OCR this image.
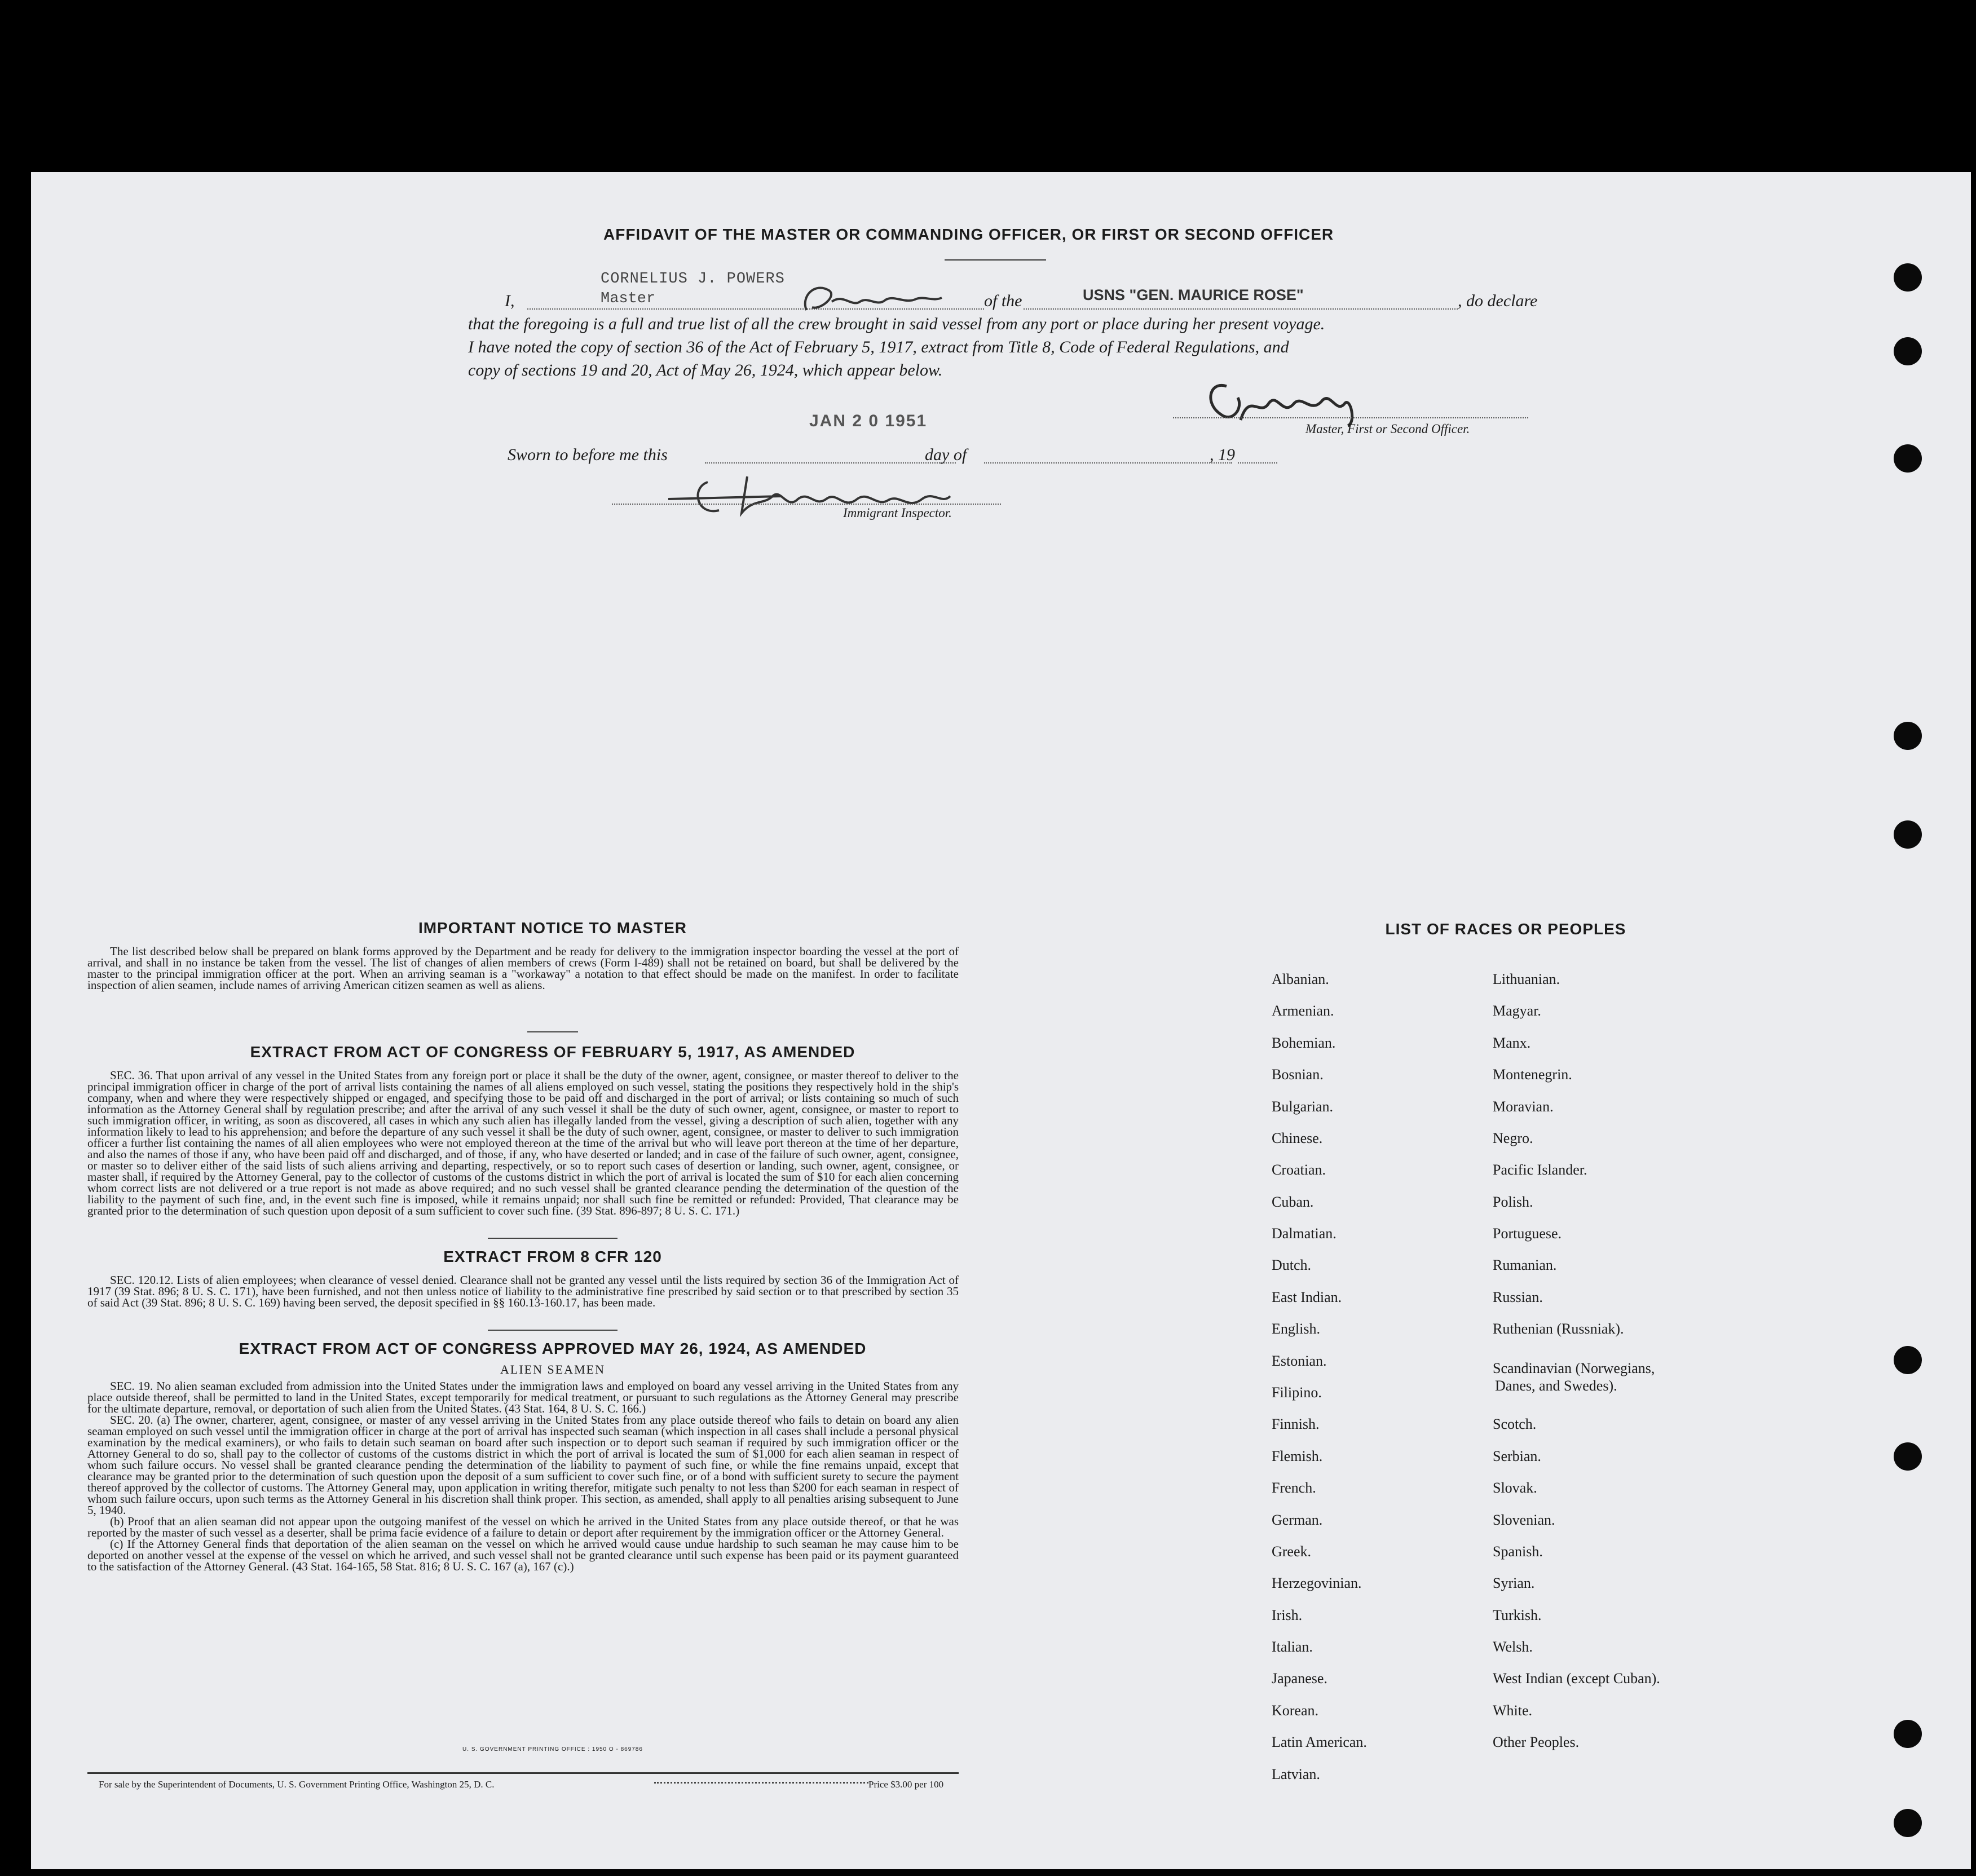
AFFIDAVIT OF THE MASTER OR COMMANDING OFFICER, OR FIRST OR SECOND OFFICER
CORNELIUS J. POWERS
Master
I,	of the	USNS "GEN. MAURICE ROSE"	, do declare
that the foregoing is a full and true list of all the crew brought in said vessel from any port or place during her present voyage.
I have noted the copy of section 36 of the Act of February 5, 1917, extract from Title 8, Code of Federal Regulations, and
copy of sections 19 and 20, Act of May 26, 1924, which appear below.
JAN 2 0 1951	Master, First or Second Officer.
Sworn to before me this	day of	, 19
Immigrant Inspector.
IMPORTANT NOTICE TO MASTER

The list described below shall be prepared on blank forms approved by the Department and be ready for delivery to the immigration inspector boarding the vessel at the port of arrival, and shall in no instance be taken from the vessel. The list of changes of alien members of crews (Form I-489) shall not be retained on board, but shall be delivered by the master to the principal immigration officer at the port. When an arriving seaman is a "workaway" a notation to that effect should be made on the manifest. In order to facilitate inspection of alien seamen, include names of arriving American citizen seamen as well as aliens.

EXTRACT FROM ACT OF CONGRESS OF FEBRUARY 5, 1917, AS AMENDED

SEC. 36. That upon arrival of any vessel in the United States from any foreign port or place it shall be the duty of the owner, agent, consignee, or master thereof to deliver to the principal immigration officer in charge of the port of arrival lists containing the names of all aliens employed on such vessel, stating the positions they respectively hold in the ship's company, when and where they were respectively shipped or engaged, and specifying those to be paid off and discharged in the port of arrival; or lists containing so much of such information as the Attorney General shall by regulation prescribe; and after the arrival of any such vessel it shall be the duty of such owner, agent, consignee, or master to report to such immigration officer, in writing, as soon as discovered, all cases in which any such alien has illegally landed from the vessel, giving a description of such alien, together with any information likely to lead to his apprehension; and before the departure of any such vessel it shall be the duty of such owner, agent, consignee, or master to deliver to such immigration officer a further list containing the names of all alien employees who were not employed thereon at the time of the arrival but who will leave port thereon at the time of her departure, and also the names of those if any, who have been paid off and discharged, and of those, if any, who have deserted or landed; and in case of the failure of such owner, agent, consignee, or master so to deliver either of the said lists of such aliens arriving and departing, respectively, or so to report such cases of desertion or landing, such owner, agent, consignee, or master shall, if required by the Attorney General, pay to the collector of customs of the customs district in which the port of arrival is located the sum of $10 for each alien concerning whom correct lists are not delivered or a true report is not made as above required; and no such vessel shall be granted clearance pending the determination of the question of the liability to the payment of such fine, and, in the event such fine is imposed, while it remains unpaid; nor shall such fine be remitted or refunded: Provided, That clearance may be granted prior to the determination of such question upon deposit of a sum sufficient to cover such fine. (39 Stat. 896-897; 8 U. S. C. 171.)

EXTRACT FROM 8 CFR 120

SEC. 120.12. Lists of alien employees; when clearance of vessel denied. Clearance shall not be granted any vessel until the lists required by section 36 of the Immigration Act of 1917 (39 Stat. 896; 8 U. S. C. 171), have been furnished, and not then unless notice of liability to the administrative fine prescribed by said section or to that prescribed by section 35 of said Act (39 Stat. 896; 8 U. S. C. 169) having been served, the deposit specified in §§ 160.13-160.17, has been made.

EXTRACT FROM ACT OF CONGRESS APPROVED MAY 26, 1924, AS AMENDED
ALIEN SEAMEN

SEC. 19. No alien seaman excluded from admission into the United States under the immigration laws and employed on board any vessel arriving in the United States from any place outside thereof, shall be permitted to land in the United States, except temporarily for medical treatment, or pursuant to such regulations as the Attorney General may prescribe for the ultimate departure, removal, or deportation of such alien from the United States. (43 Stat. 164, 8 U. S. C. 166.)

SEC. 20. (a) The owner, charterer, agent, consignee, or master of any vessel arriving in the United States from any place outside thereof who fails to detain on board any alien seaman employed on such vessel until the immigration officer in charge at the port of arrival has inspected such seaman (which inspection in all cases shall include a personal physical examination by the medical examiners), or who fails to detain such seaman on board after such inspection or to deport such seaman if required by such immigration officer or the Attorney General to do so, shall pay to the collector of customs of the customs district in which the port of arrival is located the sum of $1,000 for each alien seaman in respect of whom such failure occurs. No vessel shall be granted clearance pending the determination of the liability to payment of such fine, or while the fine remains unpaid, except that clearance may be granted prior to the determination of such question upon the deposit of a sum sufficient to cover such fine, or of a bond with sufficient surety to secure the payment thereof approved by the collector of customs. The Attorney General may, upon application in writing therefor, mitigate such penalty to not less than $200 for each seaman in respect of whom such failure occurs, upon such terms as the Attorney General in his discretion shall think proper. This section, as amended, shall apply to all penalties arising subsequent to June 5, 1940.

(b) Proof that an alien seaman did not appear upon the outgoing manifest of the vessel on which he arrived in the United States from any place outside thereof, or that he was reported by the master of such vessel as a deserter, shall be prima facie evidence of a failure to detain or deport after requirement by the immigration officer or the Attorney General.

(c) If the Attorney General finds that deportation of the alien seaman on the vessel on which he arrived would cause undue hardship to such seaman he may cause him to be deported on another vessel at the expense of the vessel on which he arrived, and such vessel shall not be granted clearance until such expense has been paid or its payment guaranteed to the satisfaction of the Attorney General. (43 Stat. 164-165, 58 Stat. 816; 8 U. S. C. 167 (a), 167 (c).)

U. S. GOVERNMENT PRINTING OFFICE : 1950 O - 869786
For sale by the Superintendent of Documents, U. S. Government Printing Office, Washington 25, D. C.	Price $3.00 per 100
LIST OF RACES OR PEOPLES
Albanian.
Armenian.
Bohemian.
Bosnian.
Bulgarian.
Chinese.
Croatian.
Cuban.
Dalmatian.
Dutch.
East Indian.
English.
Estonian.
Filipino.
Finnish.
Flemish.
French.
German.
Greek.
Herzegovinian.
Irish.
Italian.
Japanese.
Korean.
Latin American.
Latvian.
Lithuanian.
Magyar.
Manx.
Montenegrin.
Moravian.
Negro.
Pacific Islander.
Polish.
Portuguese.
Rumanian.
Russian.
Ruthenian (Russniak).
Scandinavian (Norwegians,
Danes, and Swedes).
Scotch.
Serbian.
Slovak.
Slovenian.
Spanish.
Syrian.
Turkish.
Welsh.
West Indian (except Cuban).
White.
Other Peoples.
